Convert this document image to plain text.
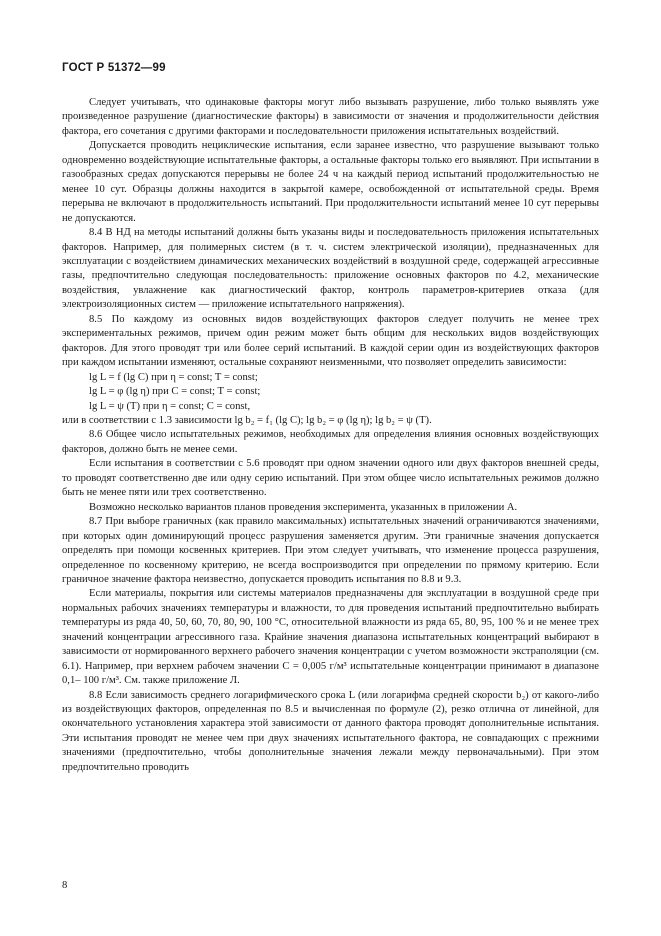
ГОСТ Р 51372—99

Следует учитывать, что одинаковые факторы могут либо вызывать разрушение, либо только выявлять уже произведенное разрушение (диагностические факторы) в зависимости от значения и продолжительности действия фактора, его сочетания с другими факторами и последовательности приложения испытательных воздействий.

Допускается проводить нециклические испытания, если заранее известно, что разрушение вызывают только одновременно воздействующие испытательные факторы, а остальные факторы только его выявляют. При испытании в газообразных средах допускаются перерывы не более 24 ч на каждый период испытаний продолжительностью не менее 10 сут. Образцы должны находится в закрытой камере, освобожденной от испытательной среды. Время перерыва не включают в продолжительность испытаний. При продолжительности испытаний менее 10 сут перерывы не допускаются.

8.4 В НД на методы испытаний должны быть указаны виды и последовательность приложения испытательных факторов. Например, для полимерных систем (в т. ч. систем электрической изоляции), предназначенных для эксплуатации с воздействием динамических механических воздействий в воздушной среде, содержащей агрессивные газы, предпочтительно следующая последовательность: приложение основных факторов по 4.2, механические воздействия, увлажнение как диагностический фактор, контроль параметров-критериев отказа (для электроизоляционных систем — приложение испытательного напряжения).

8.5 По каждому из основных видов воздействующих факторов следует получить не менее трех экспериментальных режимов, причем один режим может быть общим для нескольких видов воздействующих факторов. Для этого проводят три или более серий испытаний. В каждой серии один из воздействующих факторов при каждом испытании изменяют, остальные сохраняют неизменными, что позволяет определить зависимости:

lg L = f (lg C) при η = const; T = const;

lg L = φ (lg η) при C = const; T = const;

lg L = ψ (T) при η = const; C = const,

или в соответствии с 1.3 зависимости lg b₂ = f₁ (lg C); lg b₂ = φ (lg η); lg b₂ = ψ (T).

8.6 Общее число испытательных режимов, необходимых для определения влияния основных воздействующих факторов, должно быть не менее семи.

Если испытания в соответствии с 5.6 проводят при одном значении одного или двух факторов внешней среды, то проводят соответственно две или одну серию испытаний. При этом общее число испытательных режимов должно быть не менее пяти или трех соответственно.

Возможно несколько вариантов планов проведения эксперимента, указанных в приложении А.

8.7 При выборе граничных (как правило максимальных) испытательных значений ограничиваются значениями, при которых один доминирующий процесс разрушения заменяется другим. Эти граничные значения допускается определять при помощи косвенных критериев. При этом следует учитывать, что изменение процесса разрушения, определенное по косвенному критерию, не всегда воспроизводится при определении по прямому критерию. Если граничное значение фактора неизвестно, допускается проводить испытания по 8.8 и 9.3.

Если материалы, покрытия или системы материалов предназначены для эксплуатации в воздушной среде при нормальных рабочих значениях температуры и влажности, то для проведения испытаний предпочтительно выбирать температуры из ряда 40, 50, 60, 70, 80, 90, 100 °С, относительной влажности из ряда 65, 80, 95, 100 % и не менее трех значений концентрации агрессивного газа. Крайние значения диапазона испытательных концентраций выбирают в зависимости от нормированного верхнего рабочего значения концентрации с учетом возможности экстраполяции (см. 6.1). Например, при верхнем рабочем значении C = 0,005 г/м³ испытательные концентрации принимают в диапазоне 0,1– 100 г/м³. См. также приложение Л.

8.8 Если зависимость среднего логарифмического срока L (или логарифма средней скорости b₂) от какого-либо из воздействующих факторов, определенная по 8.5 и вычисленная по формуле (2), резко отлична от линейной, для окончательного установления характера этой зависимости от данного фактора проводят дополнительные испытания. Эти испытания проводят не менее чем при двух значениях испытательного фактора, не совпадающих с прежними значениями (предпочтительно, чтобы дополнительные значения лежали между первоначальными). При этом предпочтительно проводить

8
